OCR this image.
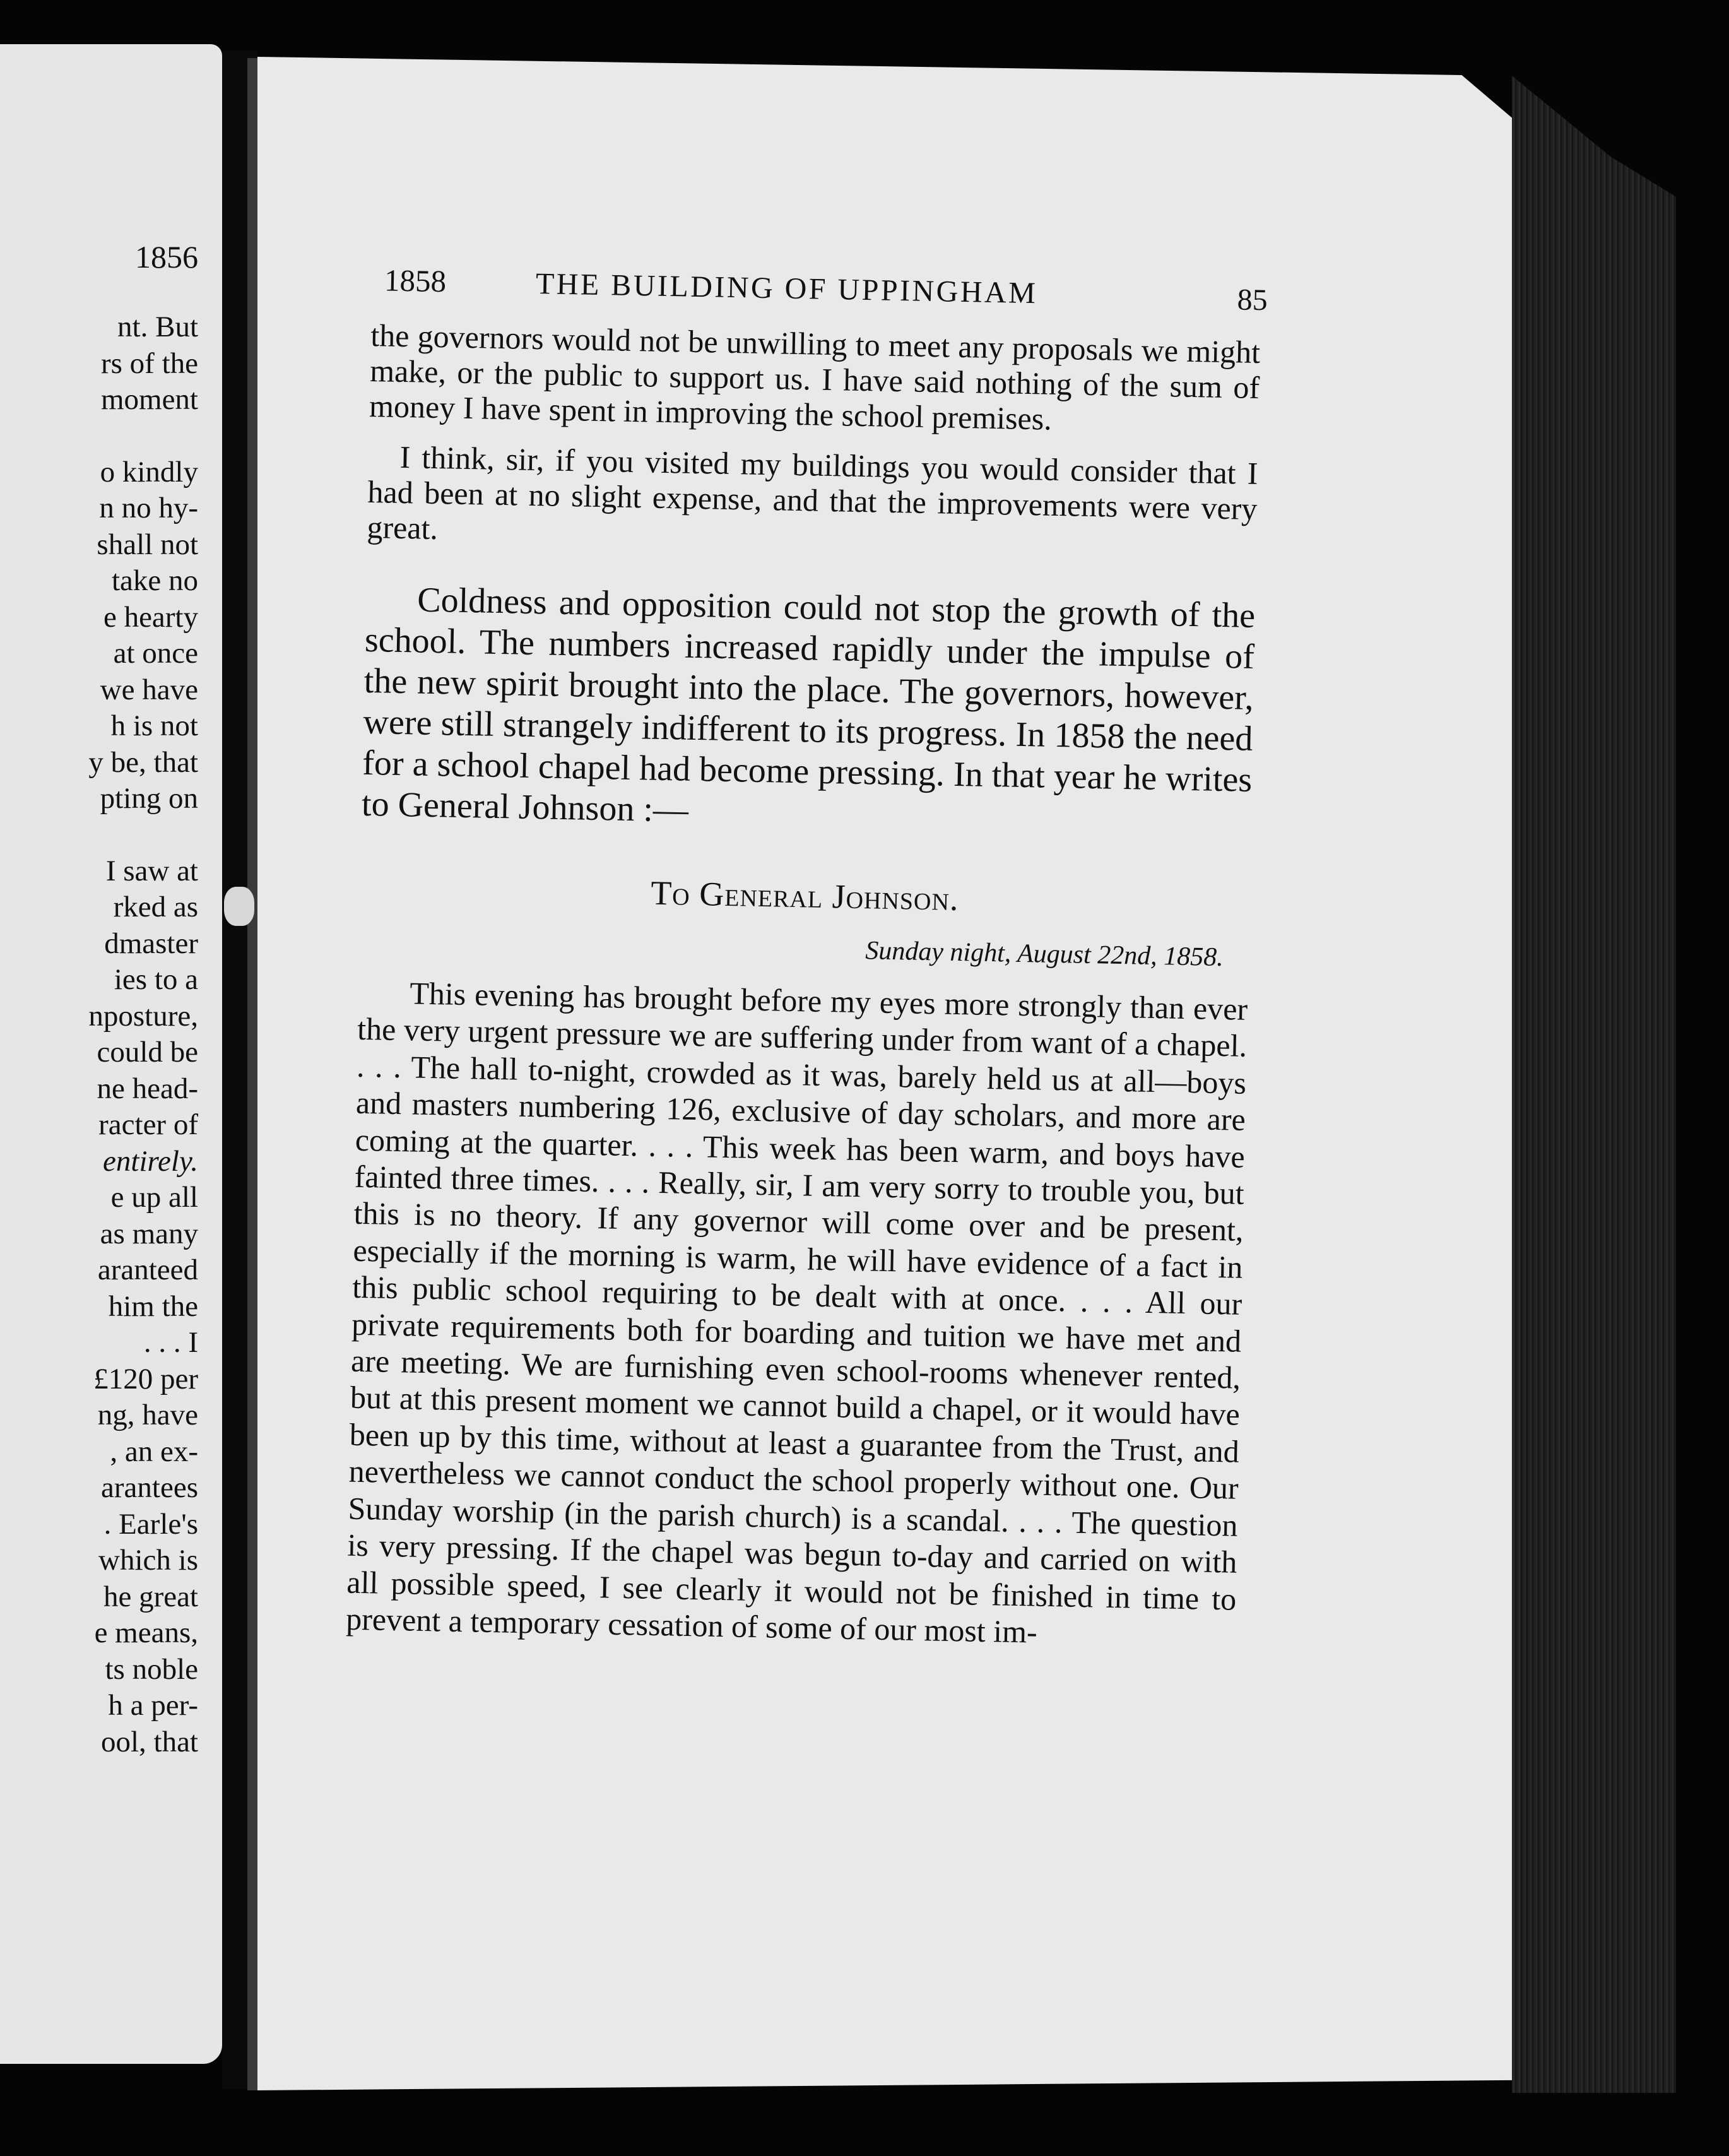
1856
nt. But
rs of the
moment
o kindly
n no hy-
shall not
take no
e hearty
at once
we have
h is not
y be, that
pting on
I saw at
rked as
dmaster
ies to a
nposture,
could be
ne head-
racter of
entirely.
e up all
as many
aranteed
him the
. . . I
£120 per
ng, have
, an ex-
arantees
. Earle's
which is
he great
e means,
ts noble
h a per-
ool, that
1858	THE BUILDING OF UPPINGHAM	85

the governors would not be unwilling to meet any proposals we might make, or the public to support us. I have said nothing of the sum of money I have spent in improving the school premises.

I think, sir, if you visited my buildings you would consider that I had been at no slight expense, and that the improvements were very great.

Coldness and opposition could not stop the growth of the school. The numbers increased rapidly under the impulse of the new spirit brought into the place. The governors, however, were still strangely indifferent to its progress. In 1858 the need for a school chapel had become pressing. In that year he writes to General Johnson :—

To General Johnson.
Sunday night, August 22nd, 1858.

This evening has brought before my eyes more strongly than ever the very urgent pressure we are suffering under from want of a chapel. . . . The hall to-night, crowded as it was, barely held us at all—boys and masters numbering 126, exclusive of day scholars, and more are coming at the quarter. . . . This week has been warm, and boys have fainted three times. . . . Really, sir, I am very sorry to trouble you, but this is no theory. If any governor will come over and be present, especially if the morning is warm, he will have evidence of a fact in this public school requiring to be dealt with at once. . . . All our private requirements both for boarding and tuition we have met and are meeting. We are furnishing even school-rooms whenever rented, but at this present moment we cannot build a chapel, or it would have been up by this time, without at least a guarantee from the Trust, and nevertheless we cannot conduct the school properly without one. Our Sunday worship (in the parish church) is a scandal. . . . The question is very pressing. If the chapel was begun to-day and carried on with all possible speed, I see clearly it would not be finished in time to prevent a temporary cessation of some of our most im-
